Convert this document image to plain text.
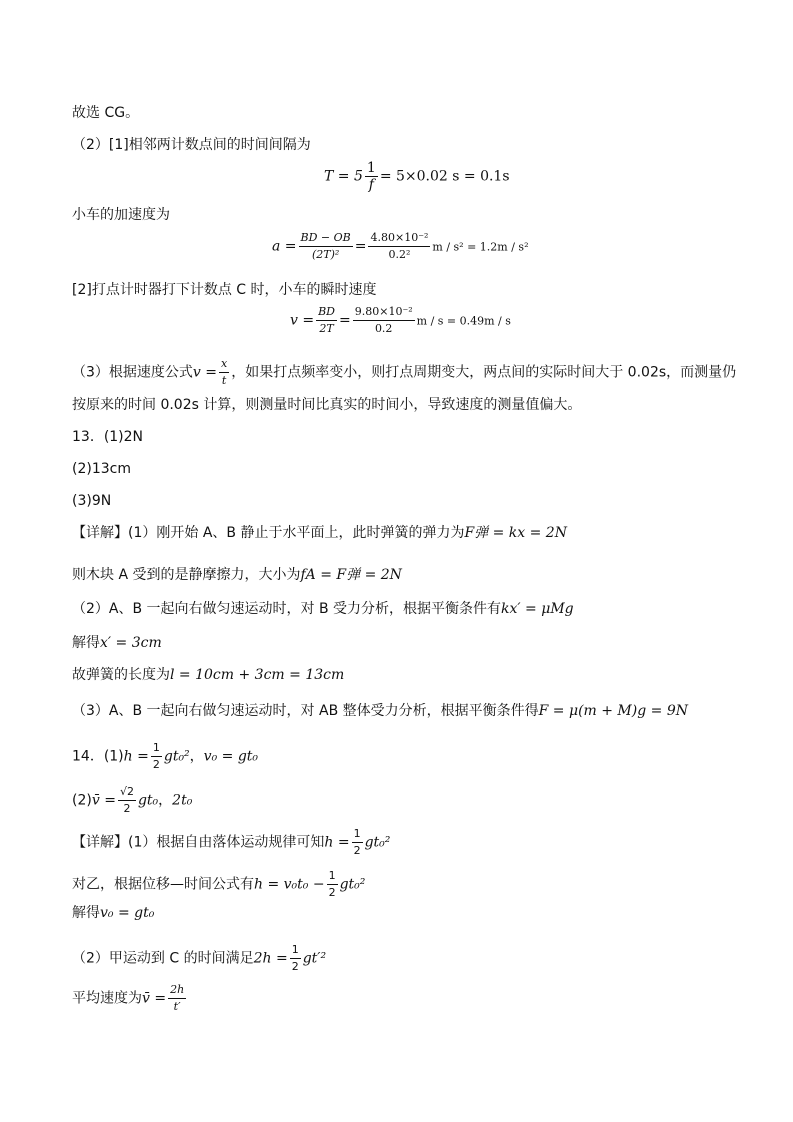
故选 CG。
（2）[1]相邻两计数点间的时间间隔为
$T = 5 \frac{1}{f} = 5\times 0.02$ s = 0.1s
小车的加速度为
$a = \frac{BD - OB}{\text{(2T)²}} = \frac{\text{4.80×10⁻²}}{\text{0.2²}}$ m / s² = 1.2m / s²
[2]打点计时器打下计数点 C 时，小车的瞬时速度
$v = \frac{BD}{2T} = \frac{\text{9.80×10⁻²}}{0.2}$ m / s = 0.49m / s
（3）根据速度公式$v = \frac{x}{t}$ ，如果打点频率变小，则打点周期变大，两点间的实际时间大于 0.02s，而测量仍
按原来的时间 0.02s 计算，则测量时间比真实的时间小，导致速度的测量值偏大。
13．(1)2N
(2)13cm
(3)9N
【详解】(1）刚开始 A、B 静止于水平面上，此时弹簧的弹力为F弹 = kx = 2N
则木块 A 受到的是静摩擦力，大小为fA = F弹 = 2N
（2）A、B 一起向右做匀速运动时，对 B 受力分析，根据平衡条件有kx′ = μMg
解得x′ = 3cm
故弹簧的长度为l = 10cm + 3cm = 13cm
（3）A、B 一起向右做匀速运动时，对 AB 整体受力分析，根据平衡条件得F = μ(m + M)g = 9N
14．$(1)h = \frac{1}{2} gt_0^2$，v₀ = gt₀
(2)v̄ = $\frac{√2}{2} gt_0$，2t₀
【详解】(1）根据自由落体运动规律可知$h = \frac{1}{2} gt_0^2$
对乙，根据位移—时间公式有$h = v_0t_0 - \frac{1}{2} gt_0^2$
解得v₀ = gt₀
（2）甲运动到 C 的时间满足$2h = \frac{1}{2} gt'^2$
平均速度为v̄ = $\frac{2h}{t'}$
